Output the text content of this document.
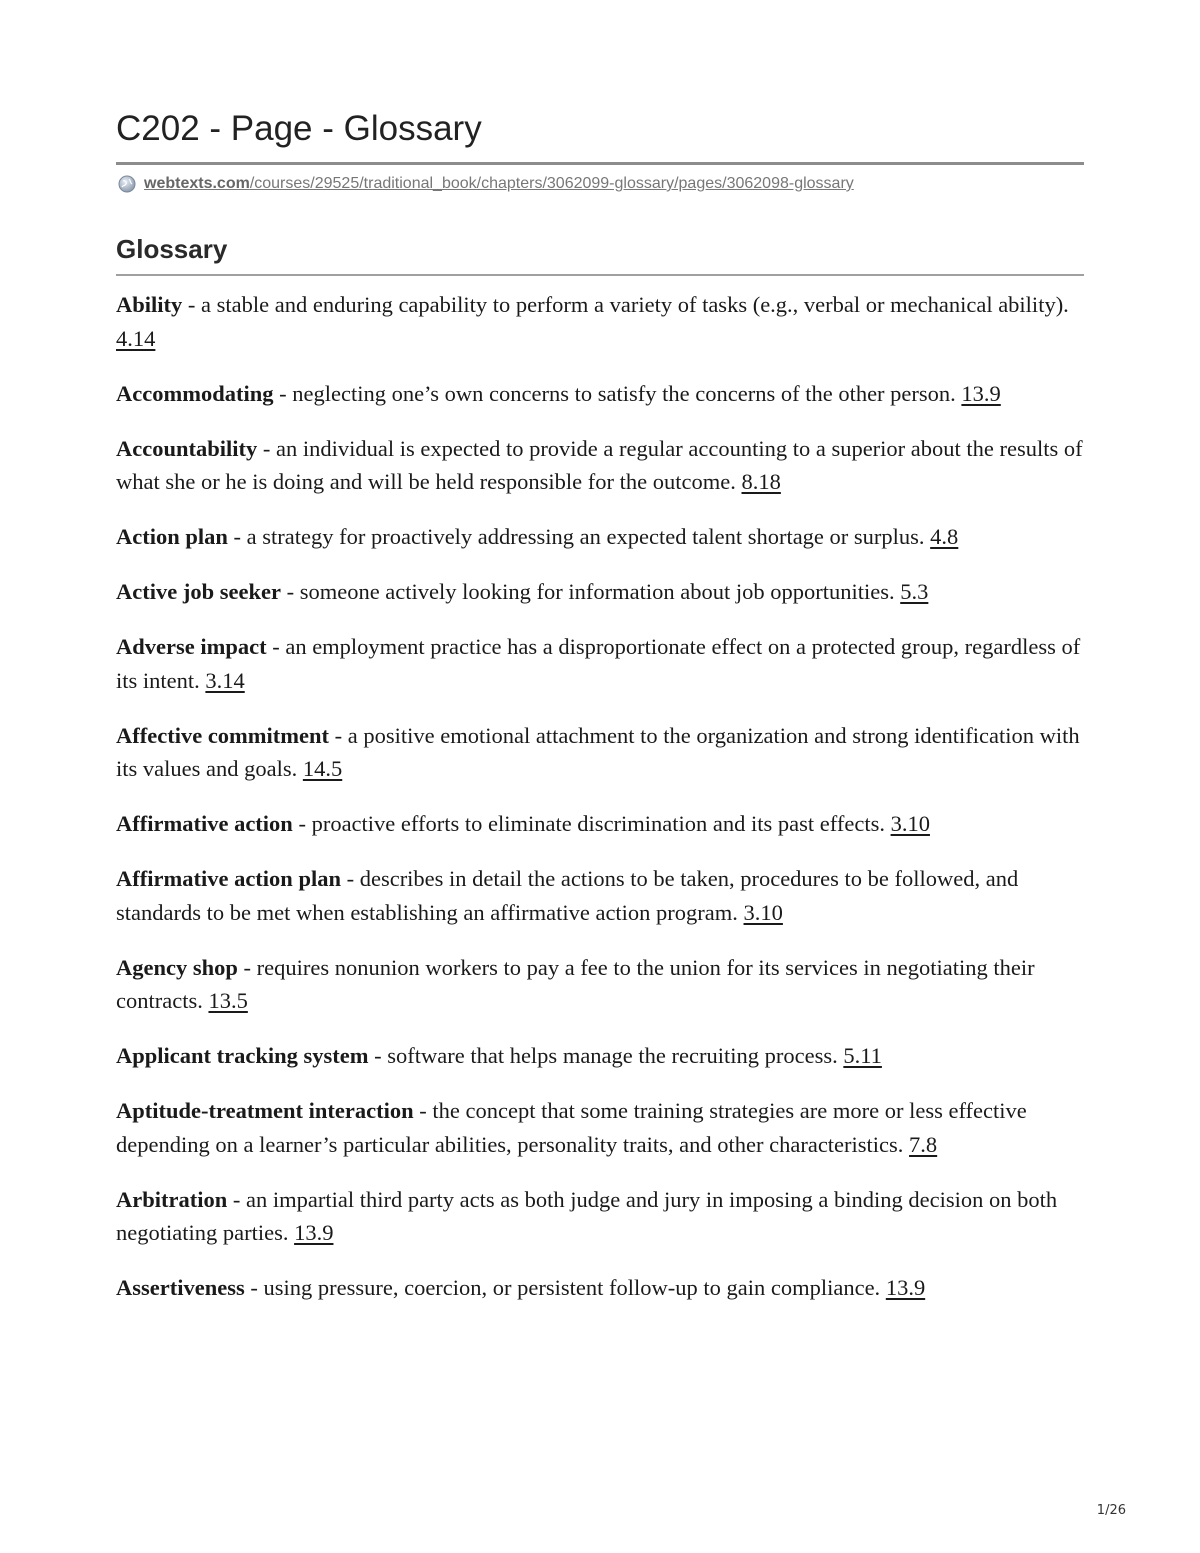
C202 - Page - Glossary
webtexts.com/courses/29525/traditional_book/chapters/3062099-glossary/pages/3062098-glossary
Glossary
Ability - a stable and enduring capability to perform a variety of tasks (e.g., verbal or mechanical ability). 4.14
Accommodating - neglecting one’s own concerns to satisfy the concerns of the other person. 13.9
Accountability - an individual is expected to provide a regular accounting to a superior about the results of what she or he is doing and will be held responsible for the outcome. 8.18
Action plan - a strategy for proactively addressing an expected talent shortage or surplus. 4.8
Active job seeker - someone actively looking for information about job opportunities. 5.3
Adverse impact - an employment practice has a disproportionate effect on a protected group, regardless of its intent. 3.14
Affective commitment - a positive emotional attachment to the organization and strong identification with its values and goals. 14.5
Affirmative action - proactive efforts to eliminate discrimination and its past effects. 3.10
Affirmative action plan - describes in detail the actions to be taken, procedures to be followed, and standards to be met when establishing an affirmative action program. 3.10
Agency shop - requires nonunion workers to pay a fee to the union for its services in negotiating their contracts. 13.5
Applicant tracking system - software that helps manage the recruiting process. 5.11
Aptitude-treatment interaction - the concept that some training strategies are more or less effective depending on a learner’s particular abilities, personality traits, and other characteristics. 7.8
Arbitration - an impartial third party acts as both judge and jury in imposing a binding decision on both negotiating parties. 13.9
Assertiveness - using pressure, coercion, or persistent follow-up to gain compliance. 13.9
1/26
